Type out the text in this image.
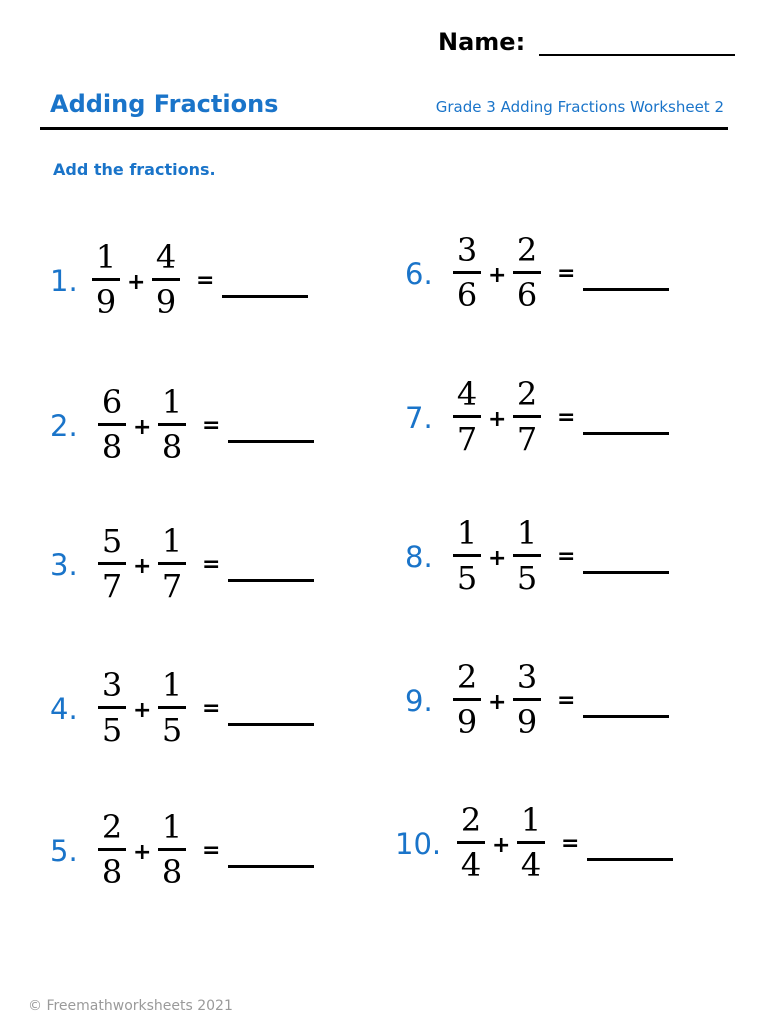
Name:
Adding Fractions	Grade 3 Adding Fractions Worksheet 2
Add the fractions.
1.
1
9
+
4
9
=
2.
6
8
+
1
8
=
3.
5
7
+
1
7
=
4.
3
5
+
1
5
=
5.
2
8
+
1
8
=
6.
3
6
+
2
6
=
7.
4
7
+
2
7
=
8.
1
5
+
1
5
=
9.
2
9
+
3
9
=
10.
2
4
+
1
4
=
© Freemathworksheets 2021
